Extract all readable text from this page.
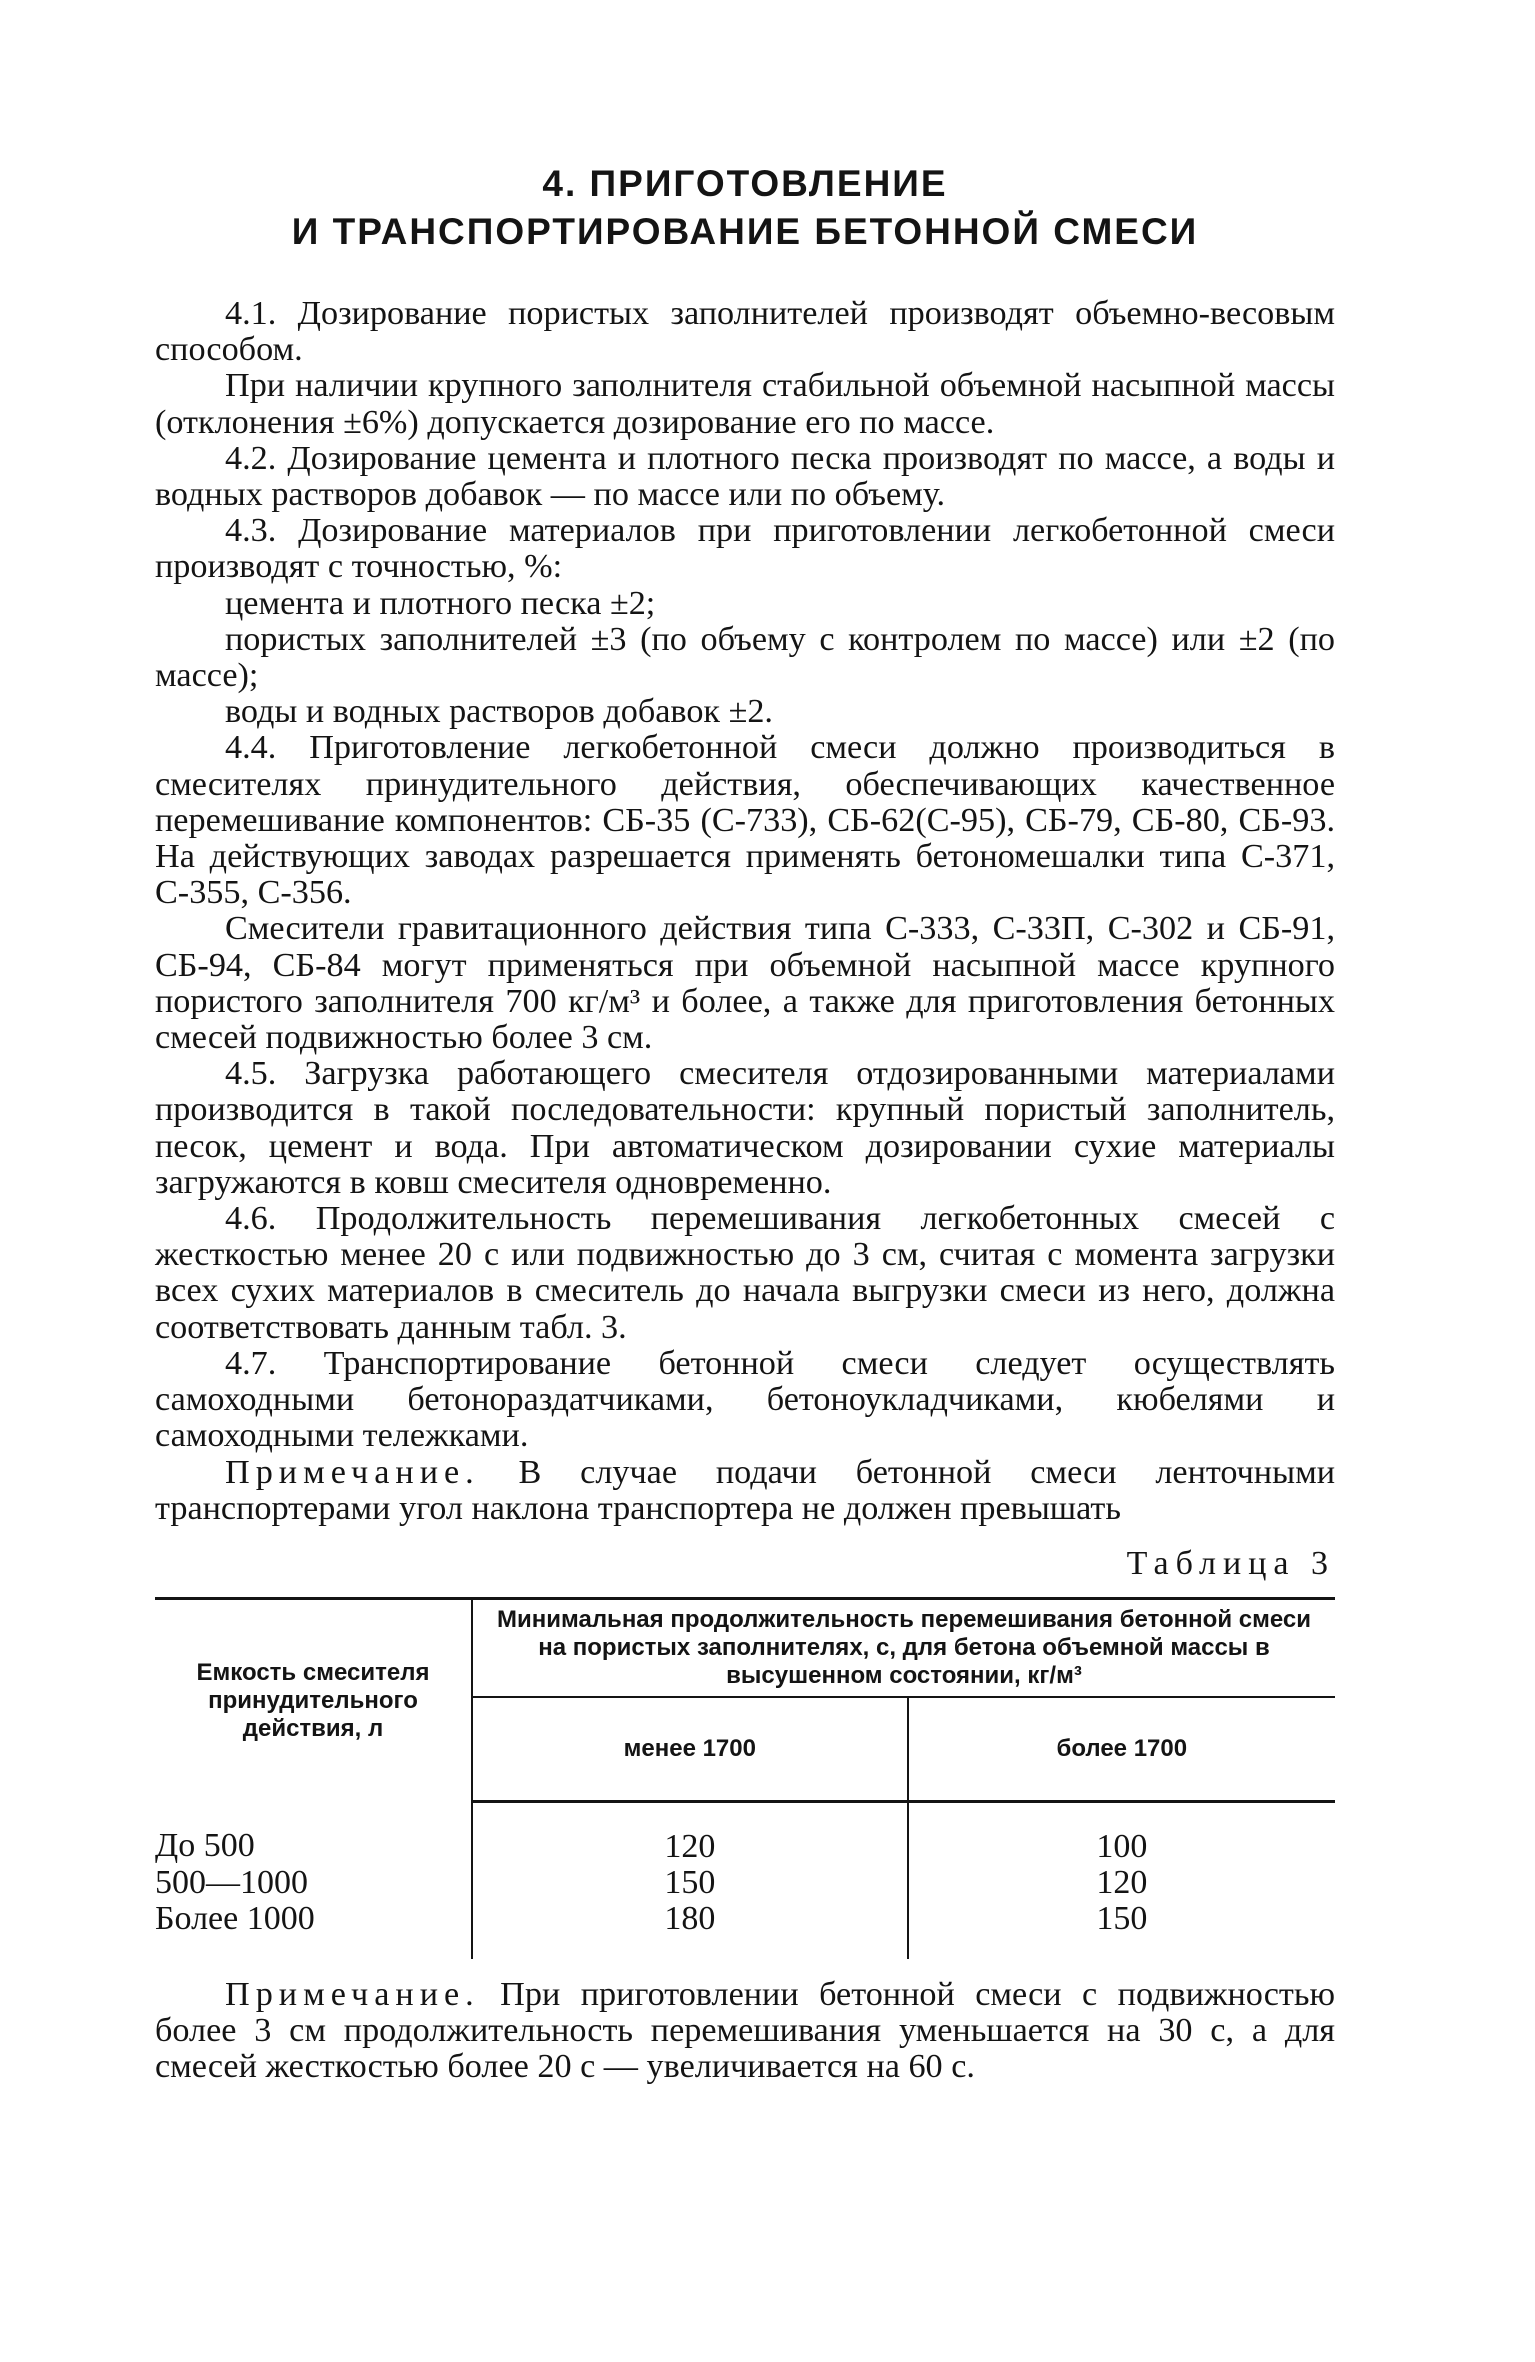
4. ПРИГОТОВЛЕНИЕ
И ТРАНСПОРТИРОВАНИЕ БЕТОННОЙ СМЕСИ

4.1. Дозирование пористых заполнителей производят объемно-весовым способом.

При наличии крупного заполнителя стабильной объемной насыпной массы (отклонения ±6%) допускается дозирование его по массе.

4.2. Дозирование цемента и плотного песка производят по массе, а воды и водных растворов добавок — по массе или по объему.

4.3. Дозирование материалов при приготовлении легкобетонной смеси производят с точностью, %:

цемента и плотного песка ±2;

пористых заполнителей ±3 (по объему с контролем по массе) или ±2 (по массе);

воды и водных растворов добавок ±2.

4.4. Приготовление легкобетонной смеси должно производиться в смесителях принудительного действия, обеспечивающих качественное перемешивание компонентов: СБ-35 (С-733), СБ-62(С-95), СБ-79, СБ-80, СБ-93. На действующих заводах разрешается применять бетономешалки типа С-371, С-355, С-356.

Смесители гравитационного действия типа С-333, С-33П, С-302 и СБ-91, СБ-94, СБ-84 могут применяться при объемной насыпной массе крупного пористого заполнителя 700 кг/м³ и более, а также для приготовления бетонных смесей подвижностью более 3 см.

4.5. Загрузка работающего смесителя отдозированными материалами производится в такой последовательности: крупный пористый заполнитель, песок, цемент и вода. При автоматическом дозировании сухие материалы загружаются в ковш смесителя одновременно.

4.6. Продолжительность перемешивания легкобетонных смесей с жесткостью менее 20 с или подвижностью до 3 см, считая с момента загрузки всех сухих материалов в смеситель до начала выгрузки смеси из него, должна соответствовать данным табл. 3.

4.7. Транспортирование бетонной смеси следует осуществлять самоходными бетонораздатчиками, бетоноукладчиками, кюбелями и самоходными тележками.

Примечание. В случае подачи бетонной смеси ленточными транспортерами угол наклона транспортера не должен превышать

Таблица 3
Емкость смесителя принудительного действия, л	Минимальная продолжительность перемешивания бетонной смеси на пористых заполнителях, с, для бетона объемной массы в высушенном состоянии, кг/м³	
	менее 1700	более 1700
До 500	120	100
500—1000	150	120
Более 1000	180	150

Примечание. При приготовлении бетонной смеси с подвижностью более 3 см продолжительность перемешивания уменьшается на 30 с, а для смесей жесткостью более 20 с — увеличивается на 60 с.
